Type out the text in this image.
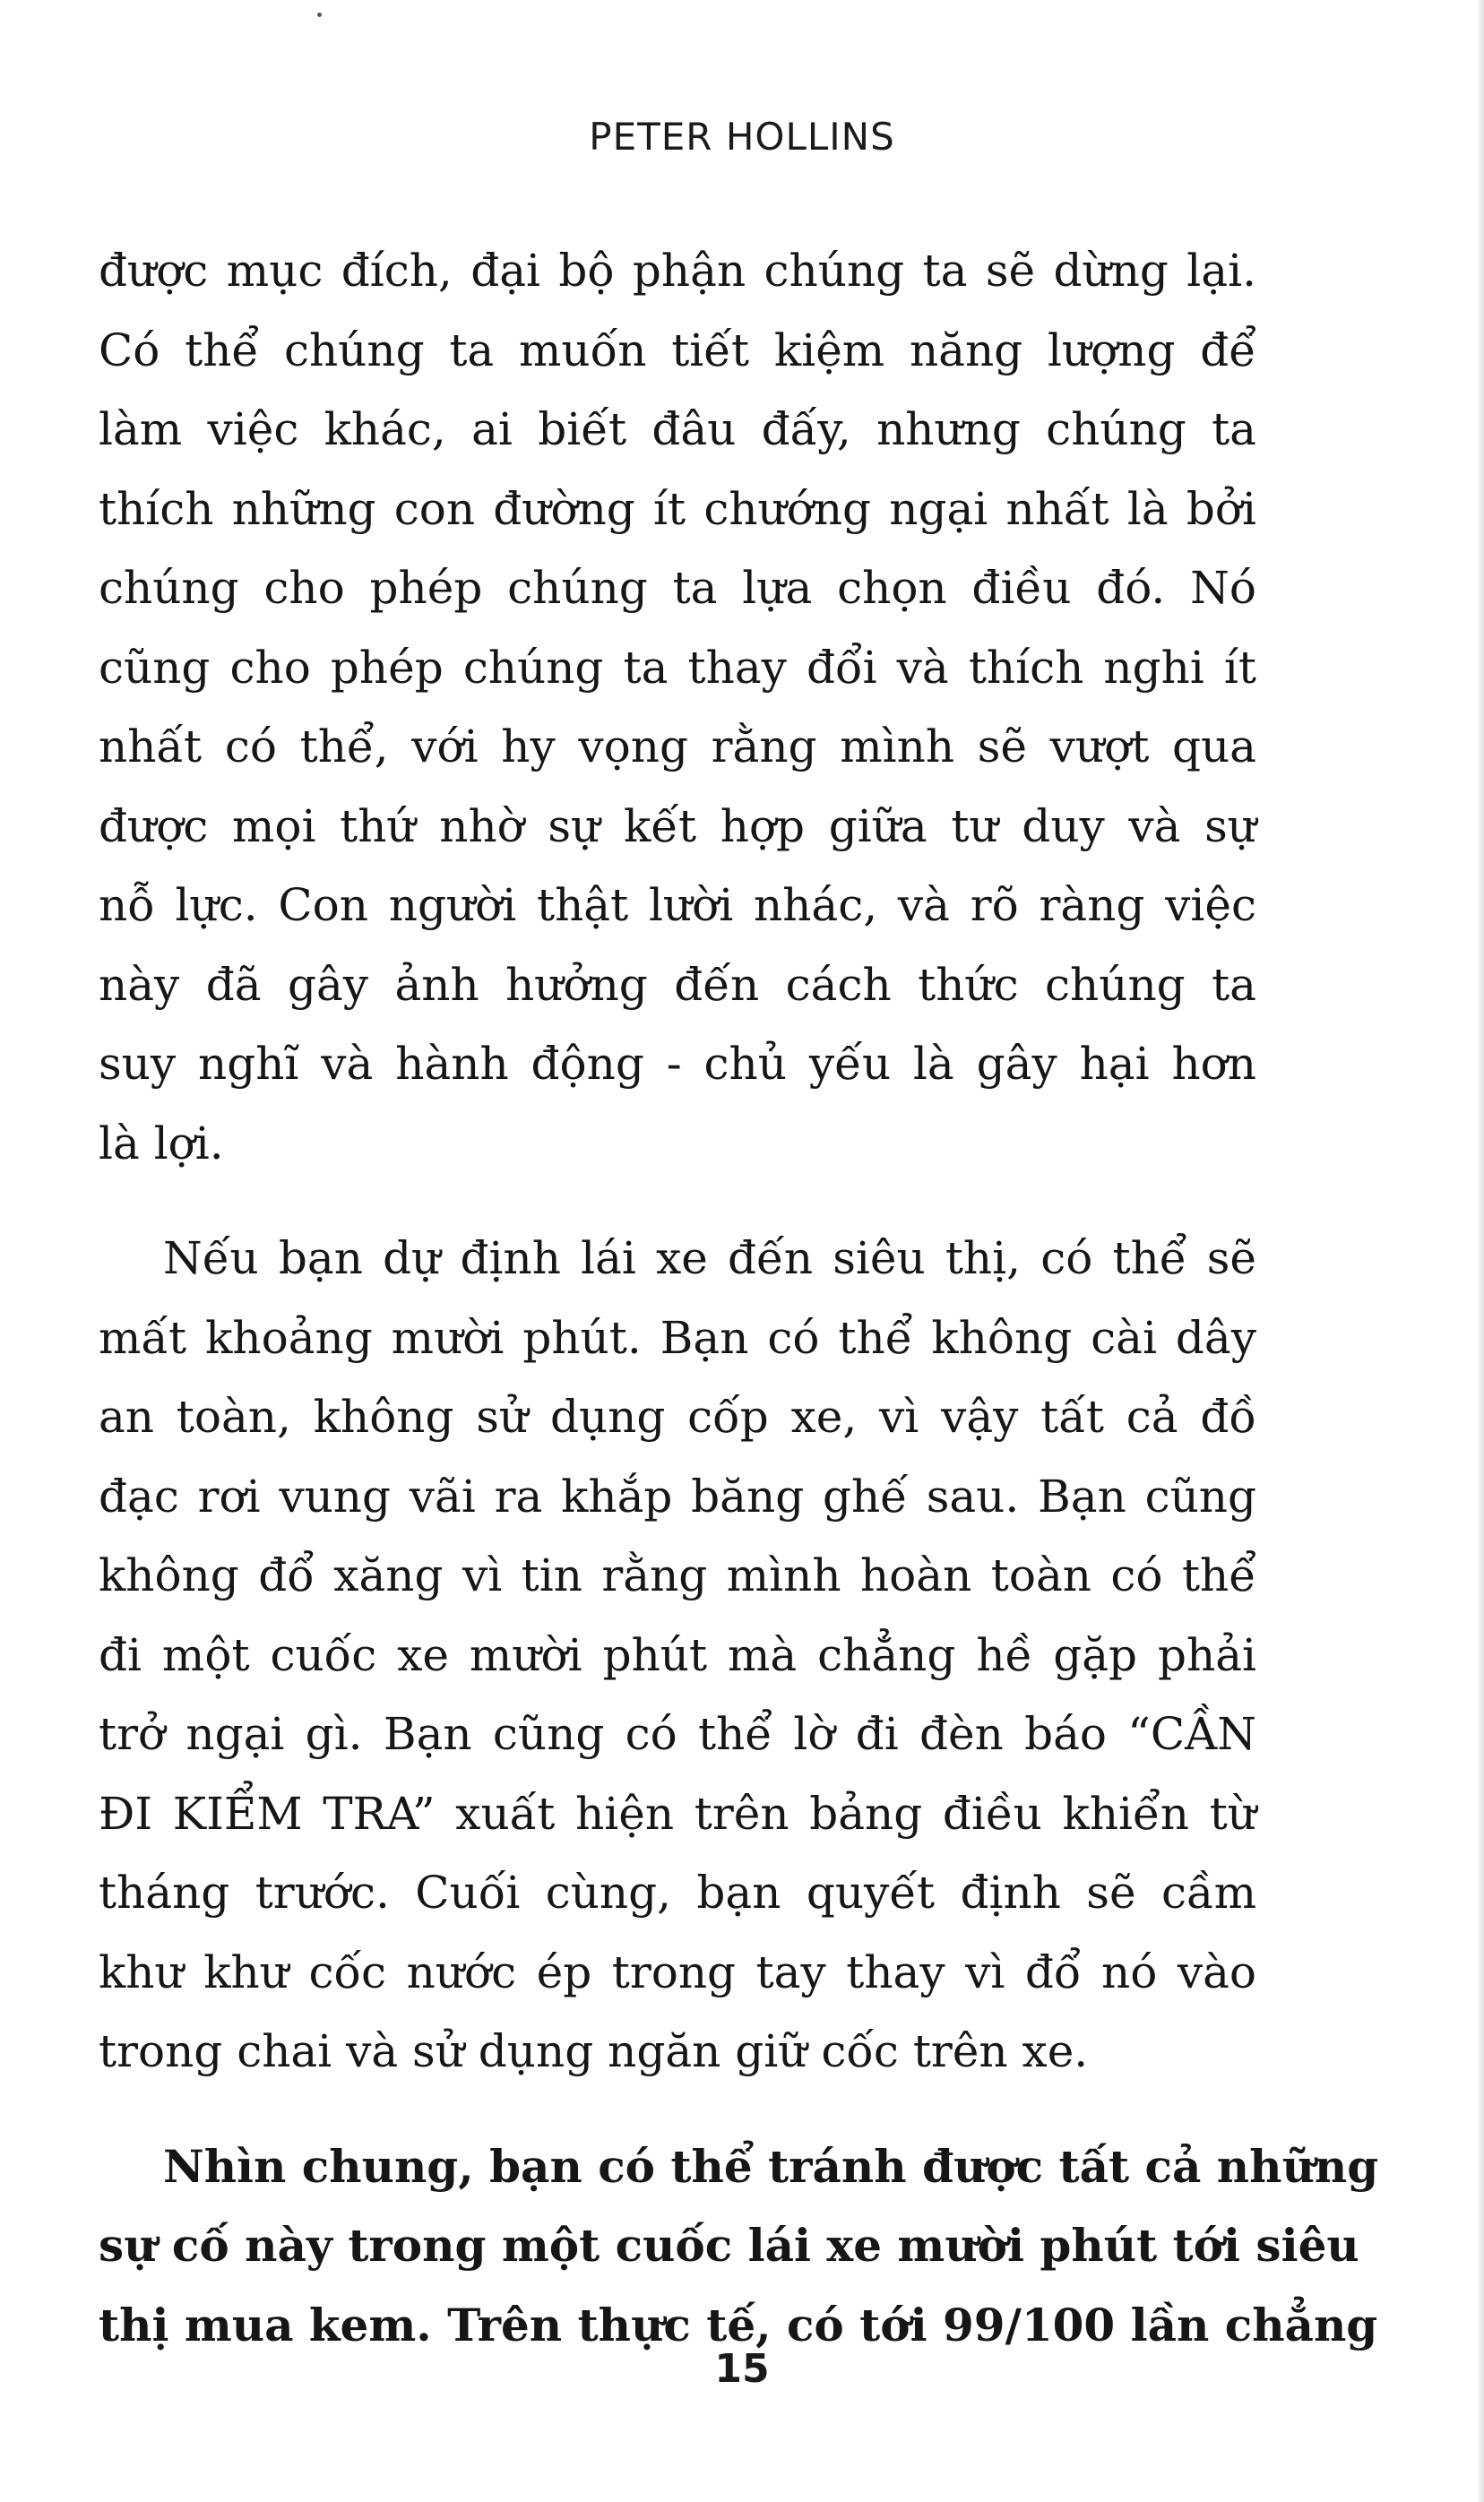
PETER HOLLINS
được mục đích, đại bộ phận chúng ta sẽ dừng lại.
Có thể chúng ta muốn tiết kiệm năng lượng để
làm việc khác, ai biết đâu đấy, nhưng chúng ta
thích những con đường ít chướng ngại nhất là bởi
chúng cho phép chúng ta lựa chọn điều đó. Nó
cũng cho phép chúng ta thay đổi và thích nghi ít
nhất có thể, với hy vọng rằng mình sẽ vượt qua
được mọi thứ nhờ sự kết hợp giữa tư duy và sự
nỗ lực. Con người thật lười nhác, và rõ ràng việc
này đã gây ảnh hưởng đến cách thức chúng ta
suy nghĩ và hành động - chủ yếu là gây hại hơn
là lợi.
Nếu bạn dự định lái xe đến siêu thị, có thể sẽ
mất khoảng mười phút. Bạn có thể không cài dây
an toàn, không sử dụng cốp xe, vì vậy tất cả đồ
đạc rơi vung vãi ra khắp băng ghế sau. Bạn cũng
không đổ xăng vì tin rằng mình hoàn toàn có thể
đi một cuốc xe mười phút mà chẳng hề gặp phải
trở ngại gì. Bạn cũng có thể lờ đi đèn báo “CẦN
ĐI KIỂM TRA” xuất hiện trên bảng điều khiển từ
tháng trước. Cuối cùng, bạn quyết định sẽ cầm
khư khư cốc nước ép trong tay thay vì đổ nó vào
trong chai và sử dụng ngăn giữ cốc trên xe.
Nhìn chung, bạn có thể tránh được tất cả những
sự cố này trong một cuốc lái xe mười phút tới siêu
thị mua kem. Trên thực tế, có tới 99/100 lần chẳng
15
